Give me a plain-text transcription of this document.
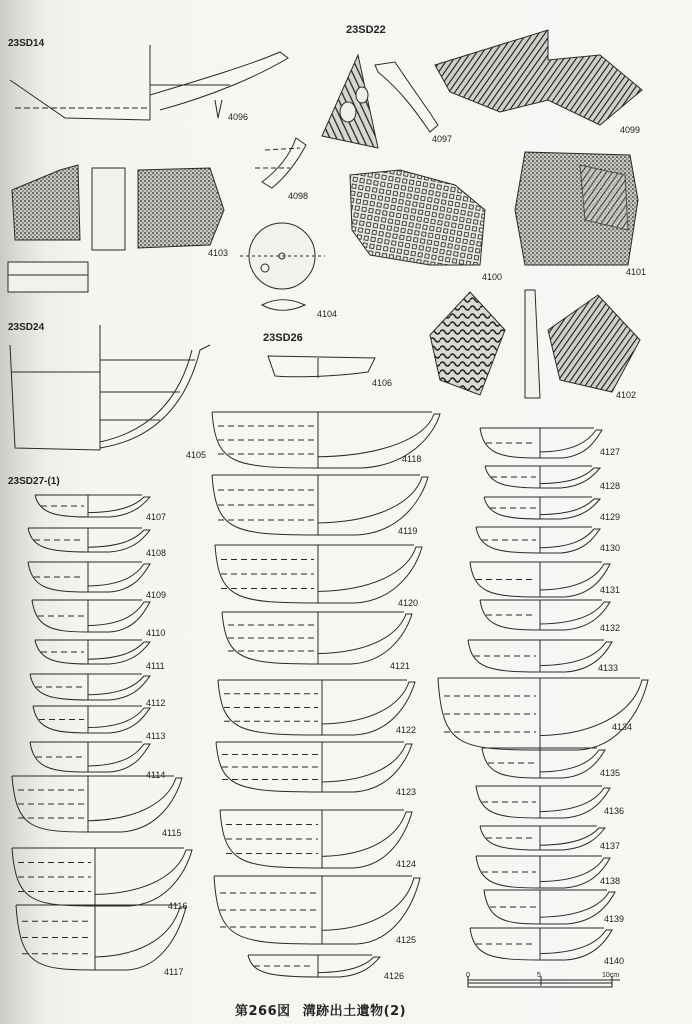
23SD14
23SD22
23SD24
23SD26
23SD27-(1)
4096
4097
4098
4099
4100	4101
4102
4103
4104
4105
4106
4107
4108
4109
4110
4111
4112
4113
4114
4115
4116
4117
4118
4119
4120
4121
4122
4123
4124
4125
4126
4127
4128
4129
4130
4131
4132
4133
4134
4135
4136
4137
4138
4139
4140
0	5	10cm
第266図 溝跡出土遺物(2)
